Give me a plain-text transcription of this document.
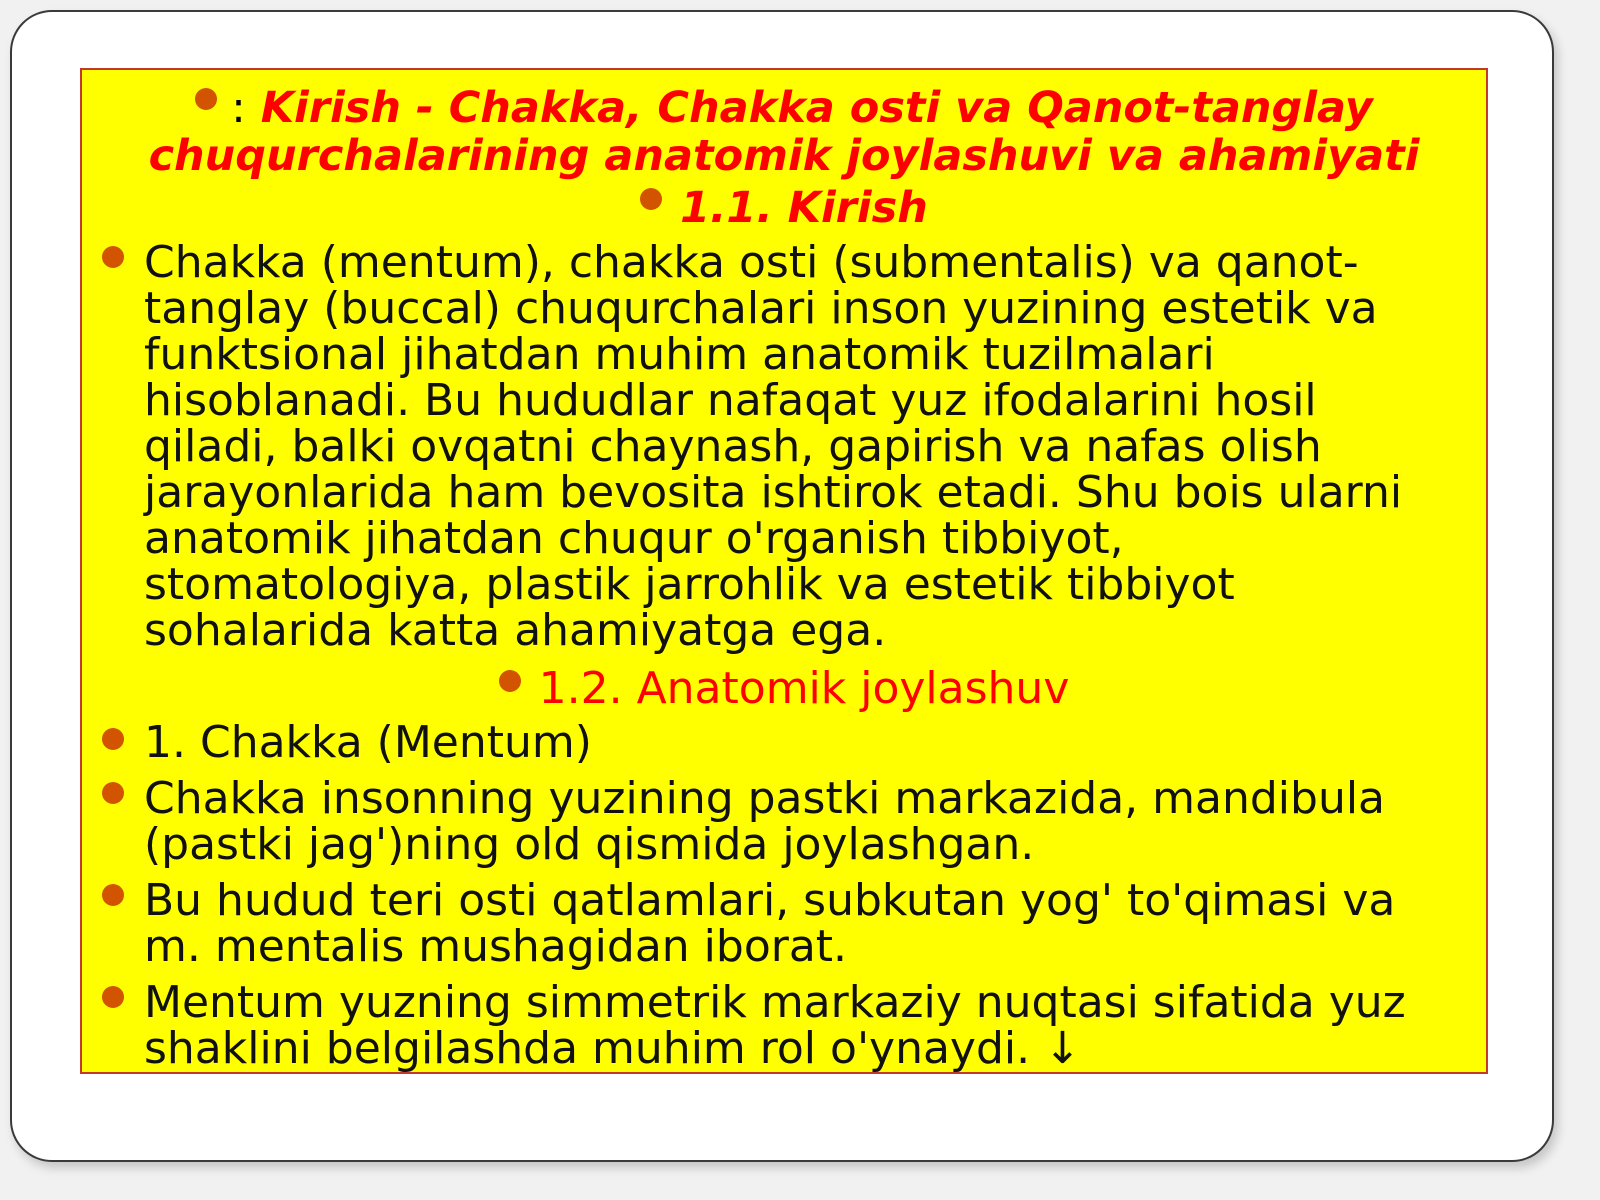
: Kirish - Chakka, Chakka osti va Qanot-tanglay
chuqurchalarining anatomik joylashuvi va ahamiyati
1.1. Kirish
Chakka (mentum), chakka osti (submentalis) va qanot-tanglay (buccal) chuqurchalari inson yuzining estetik va funktsional jihatdan muhim anatomik tuzilmalari hisoblanadi. Bu hududlar nafaqat yuz ifodalarini hosil qiladi, balki ovqatni chaynash, gapirish va nafas olish jarayonlarida ham bevosita ishtirok etadi. Shu bois ularni anatomik jihatdan chuqur o'rganish tibbiyot, stomatologiya, plastik jarrohlik va estetik tibbiyot sohalarida katta ahamiyatga ega.
1.2. Anatomik joylashuv
1. Chakka (Mentum)
Chakka insonning yuzining pastki markazida, mandibula (pastki jag')ning old qismida joylashgan.
Bu hudud teri osti qatlamlari, subkutan yog' to'qimasi va m. mentalis mushagidan iborat.
Mentum yuzning simmetrik markaziy nuqtasi sifatida yuz shaklini belgilashda muhim rol o'ynaydi. ↓
